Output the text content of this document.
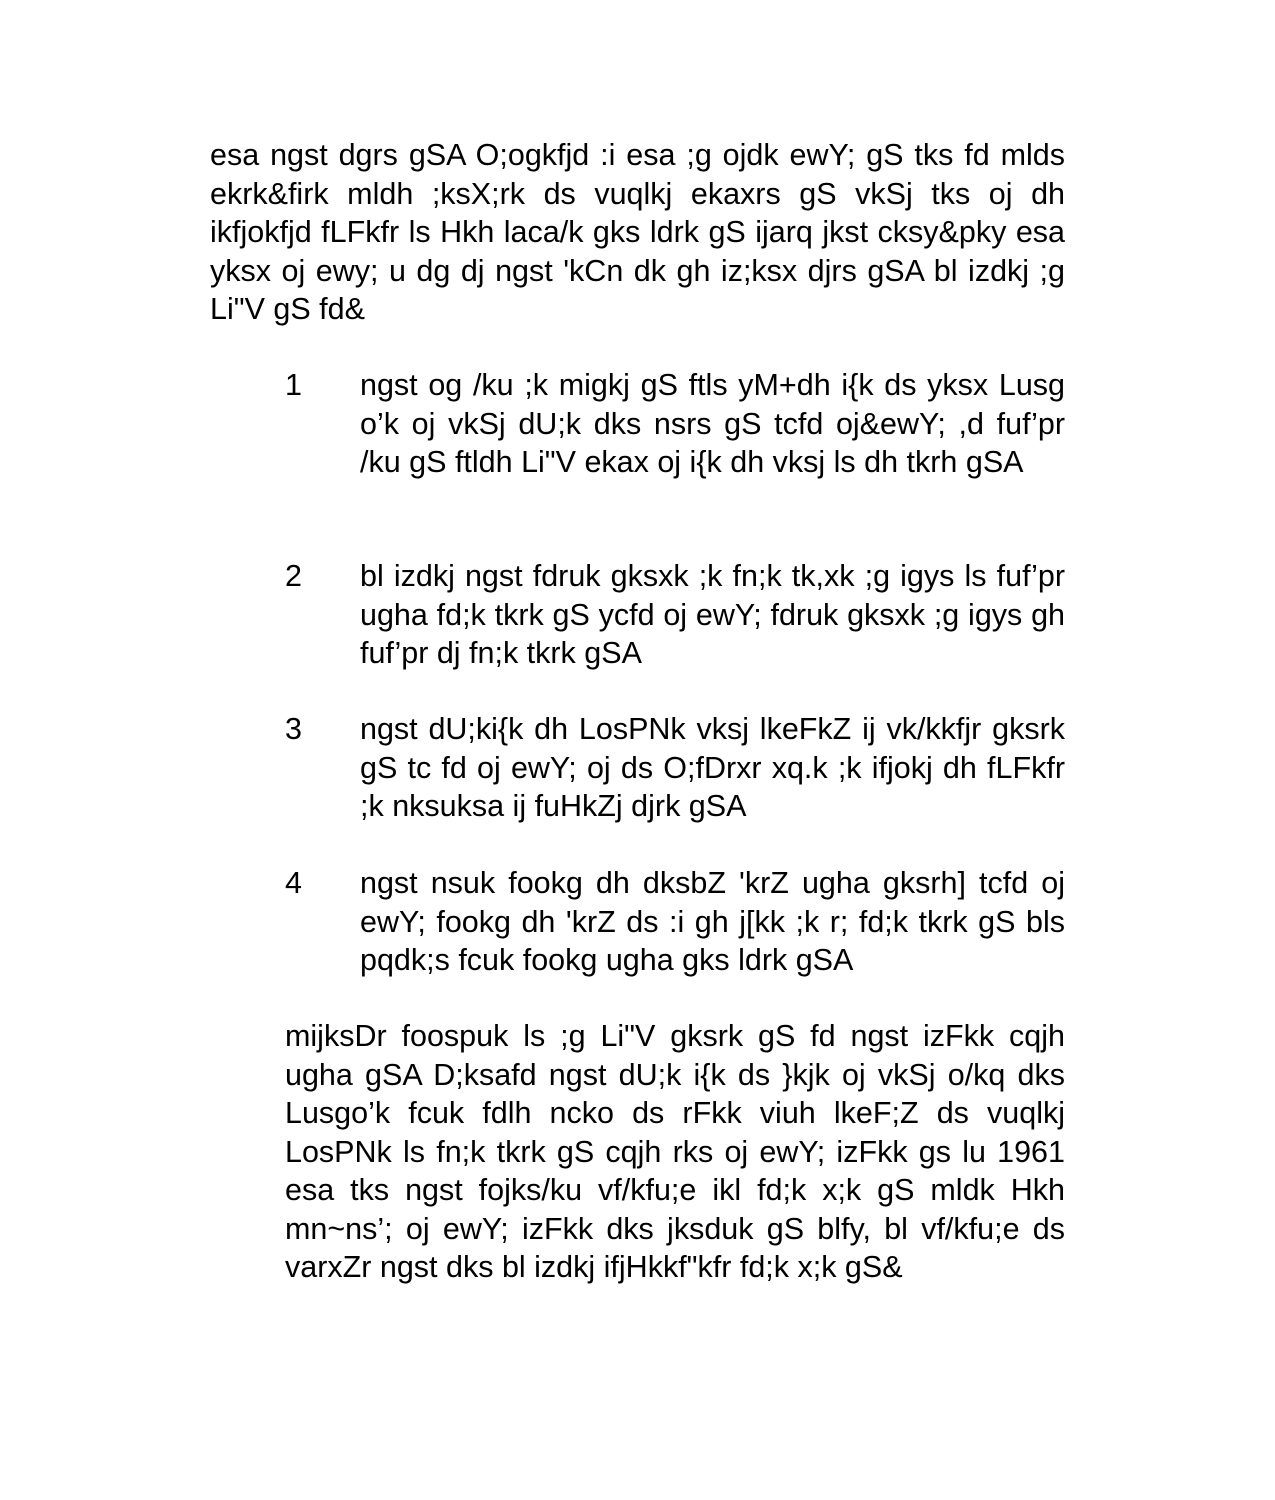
esa ngst dgrs gSA O;ogkfjd :i esa ;g ojdk ewY; gS tks fd mlds ekrk&firk mldh ;ksX;rk ds vuqlkj ekaxrs gS vkSj tks oj dh ikfjokfjd fLFkfr ls Hkh laca/k gks ldrk gS ijarq jkst cksy&pky esa yksx oj ewy; u dg dj ngst 'kCn dk gh iz;ksx djrs gSA bl izdkj ;g Li"V gS fd&

1 ngst og /ku ;k migkj gS ftls yM+dh i{k ds yksx Lusg o’k oj vkSj dU;k dks nsrs gS tcfd oj&ewY; ,d fuf’pr /ku gS ftldh Li"V ekax oj i{k dh vksj ls dh tkrh gSA

2 bl izdkj ngst fdruk gksxk ;k fn;k tk,xk ;g igys ls fuf’pr ugha fd;k tkrk gS ycfd oj ewY; fdruk gksxk ;g igys gh fuf’pr dj fn;k tkrk gSA

3 ngst dU;ki{k dh LosPNk vksj lkeFkZ ij vk/kkfjr gksrk gS tc fd oj ewY; oj ds O;fDrxr xq.k ;k ifjokj dh fLFkfr ;k nksuksa ij fuHkZj djrk gSA

4 ngst nsuk fookg dh dksbZ 'krZ ugha gksrh] tcfd oj ewY; fookg dh 'krZ ds :i gh j[kk ;k r; fd;k tkrk gS bls pqdk;s fcuk fookg ugha gks ldrk gSA

mijksDr foospuk ls ;g Li"V gksrk gS fd ngst izFkk cqjh ugha gSA D;ksafd ngst dU;k i{k ds }kjk oj vkSj o/kq dks Lusgo’k fcuk fdlh ncko ds rFkk viuh lkeF;Z ds vuqlkj LosPNk ls fn;k tkrk gS cqjh rks oj ewY; izFkk gs lu 1961 esa tks ngst fojks/ku vf/kfu;e ikl fd;k x;k gS mldk Hkh mn~ns’; oj ewY; izFkk dks jksduk gS blfy, bl vf/kfu;e ds varxZr ngst dks bl izdkj ifjHkkf"kfr fd;k x;k gS&
